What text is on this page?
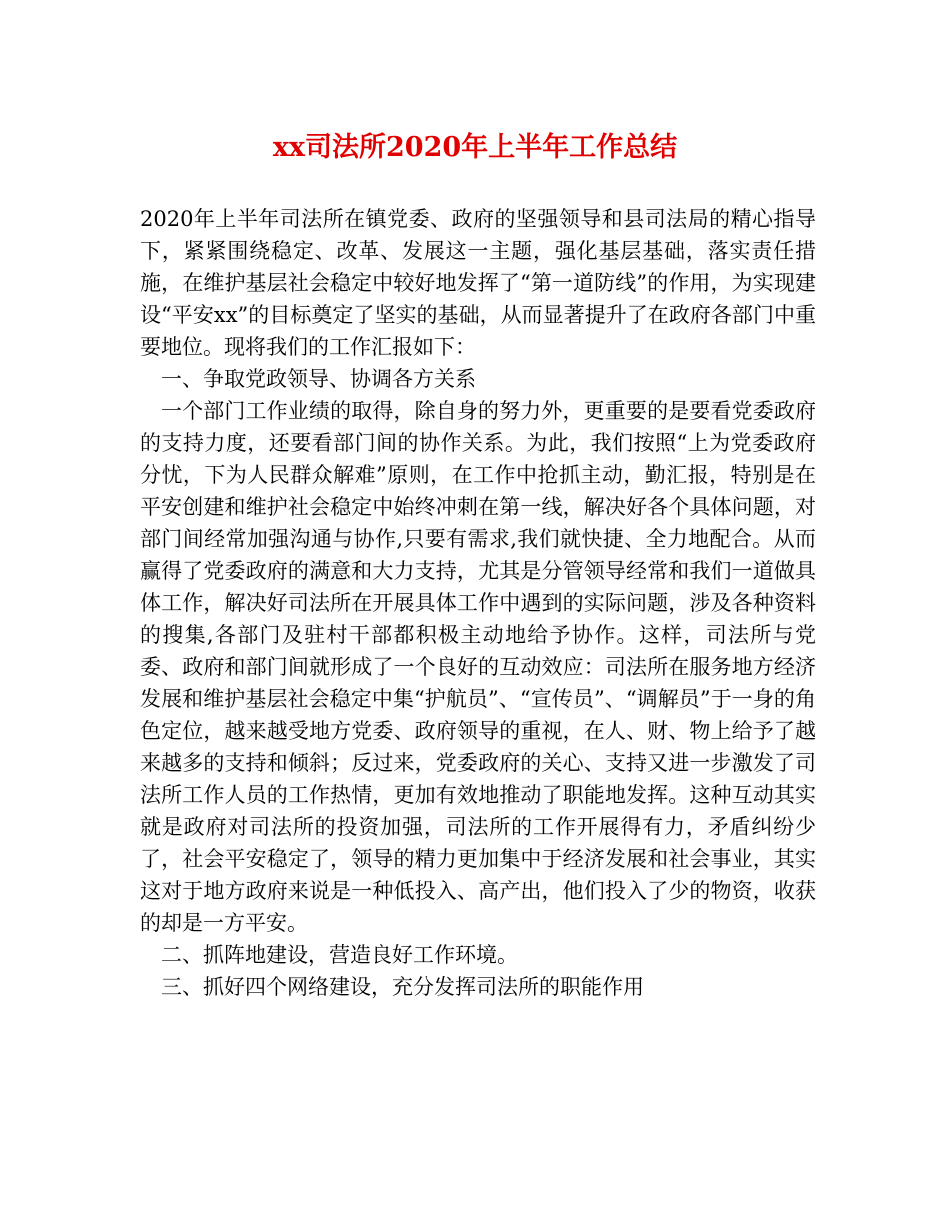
xx司法所2020年上半年工作总结

2020年上半年司法所在镇党委、政府的坚强领导和县司法局的精心指导下，紧紧围绕稳定、改革、发展这一主题，强化基层基础，落实责任措施，在维护基层社会稳定中较好地发挥了“第一道防线”的作用，为实现建设“平安xx”的目标奠定了坚实的基础，从而显著提升了在政府各部门中重要地位。现将我们的工作汇报如下：

一、争取党政领导、协调各方关系

一个部门工作业绩的取得，除自身的努力外，更重要的是要看党委政府的支持力度，还要看部门间的协作关系。为此，我们按照“上为党委政府分忧，下为人民群众解难”原则，在工作中抢抓主动，勤汇报，特别是在平安创建和维护社会稳定中始终冲刺在第一线，解决好各个具体问题，对部门间经常加强沟通与协作,只要有需求,我们就快捷、全力地配合。从而赢得了党委政府的满意和大力支持，尤其是分管领导经常和我们一道做具体工作，解决好司法所在开展具体工作中遇到的实际问题，涉及各种资料的搜集,各部门及驻村干部都积极主动地给予协作。这样，司法所与党委、政府和部门间就形成了一个良好的互动效应：司法所在服务地方经济发展和维护基层社会稳定中集“护航员”、“宣传员”、“调解员”于一身的角色定位，越来越受地方党委、政府领导的重视，在人、财、物上给予了越来越多的支持和倾斜；反过来，党委政府的关心、支持又进一步激发了司法所工作人员的工作热情，更加有效地推动了职能地发挥。这种互动其实就是政府对司法所的投资加强，司法所的工作开展得有力，矛盾纠纷少了，社会平安稳定了，领导的精力更加集中于经济发展和社会事业，其实这对于地方政府来说是一种低投入、高产出，他们投入了少的物资，收获的却是一方平安。

二、抓阵地建设，营造良好工作环境。

三、抓好四个网络建设，充分发挥司法所的职能作用
